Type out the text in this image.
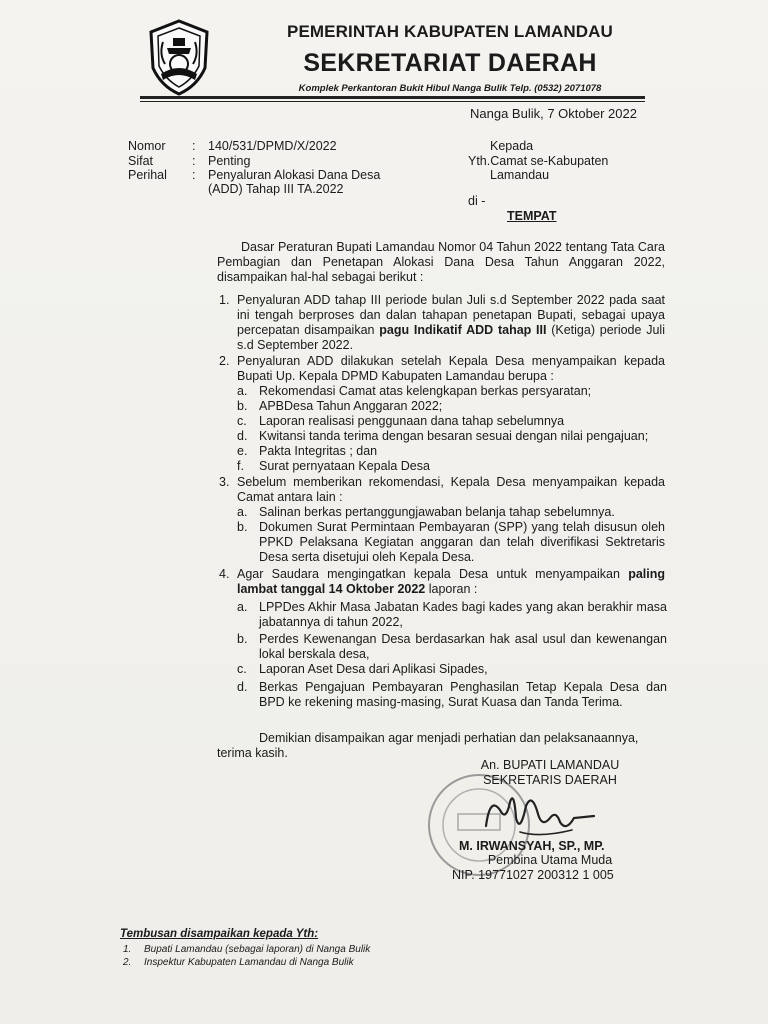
PEMERINTAH KABUPATEN LAMANDAU
SEKRETARIAT DAERAH
Komplek Perkantoran Bukit Hibul Nanga Bulik Telp. (0532) 2071078
Nanga Bulik, 7 Oktober 2022
Nomor : 140/531/DPMD/X/2022
Sifat	: Penting
Perihal : Penyaluran Alokasi Dana Desa
(ADD) Tahap III TA.2022
Kepada
Yth.Camat se-Kabupaten
Lamandau
di -
TEMPAT
Dasar Peraturan Bupati Lamandau Nomor 04 Tahun 2022 tentang Tata Cara Pembagian dan Penetapan Alokasi Dana Desa Tahun Anggaran 2022, disampaikan hal-hal sebagai berikut :
1. Penyaluran ADD tahap III periode bulan Juli s.d September 2022 pada saat ini tengah berproses dan dalan tahapan penetapan Bupati, sebagai upaya percepatan disampaikan pagu Indikatif ADD tahap III (Ketiga) periode Juli s.d September 2022.
2. Penyaluran ADD dilakukan setelah Kepala Desa menyampaikan kepada Bupati Up. Kepala DPMD Kabupaten Lamandau berupa :
a. Rekomendasi Camat atas kelengkapan berkas persyaratan;
b. APBDesa Tahun Anggaran 2022;
c. Laporan realisasi penggunaan dana tahap sebelumnya
d. Kwitansi tanda terima dengan besaran sesuai dengan nilai pengajuan;
e. Pakta Integritas ; dan
f. Surat pernyataan Kepala Desa
3. Sebelum memberikan rekomendasi, Kepala Desa menyampaikan kepada Camat antara lain :
a. Salinan berkas pertanggungjawaban belanja tahap sebelumnya.
b. Dokumen Surat Permintaan Pembayaran (SPP) yang telah disusun oleh PPKD Pelaksana Kegiatan anggaran dan telah diverifikasi Sektretaris Desa serta disetujui oleh Kepala Desa.
4. Agar Saudara mengingatkan kepala Desa untuk menyampaikan paling lambat tanggal 14 Oktober 2022 laporan :
a. LPPDes Akhir Masa Jabatan Kades bagi kades yang akan berakhir masa jabatannya di tahun 2022,
b. Perdes Kewenangan Desa berdasarkan hak asal usul dan kewenangan lokal berskala desa,
c. Laporan Aset Desa dari Aplikasi Sipades,
d. Berkas Pengajuan Pembayaran Penghasilan Tetap Kepala Desa dan BPD ke rekening masing-masing, Surat Kuasa dan Tanda Terima.
Demikian disampaikan agar menjadi perhatian dan pelaksanaannya, terima kasih.
An. BUPATI LAMANDAU
SEKRETARIS DAERAH
M. IRWANSYAH, SP., MP.
Pembina Utama Muda
NIP. 19771027 200312 1 005
Tembusan disampaikan kepada Yth:
1. Bupati Lamandau (sebagai laporan) di Nanga Bulik
2. Inspektur Kabupaten Lamandau di Nanga Bulik
